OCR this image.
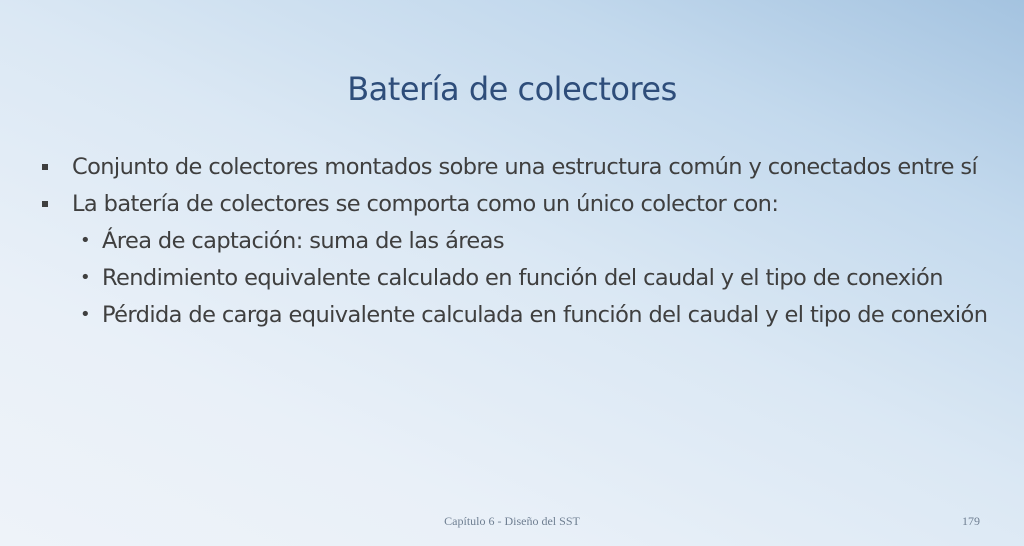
Batería de colectores
Conjunto de colectores montados sobre una estructura común y conectados entre sí
La batería de colectores se comporta como un único colector con:
• Área de captación: suma de las áreas
• Rendimiento equivalente calculado en función del caudal y el tipo de conexión
• Pérdida de carga equivalente calculada en función del caudal y el tipo de conexión
Capítulo 6 - Diseño del SST	179
